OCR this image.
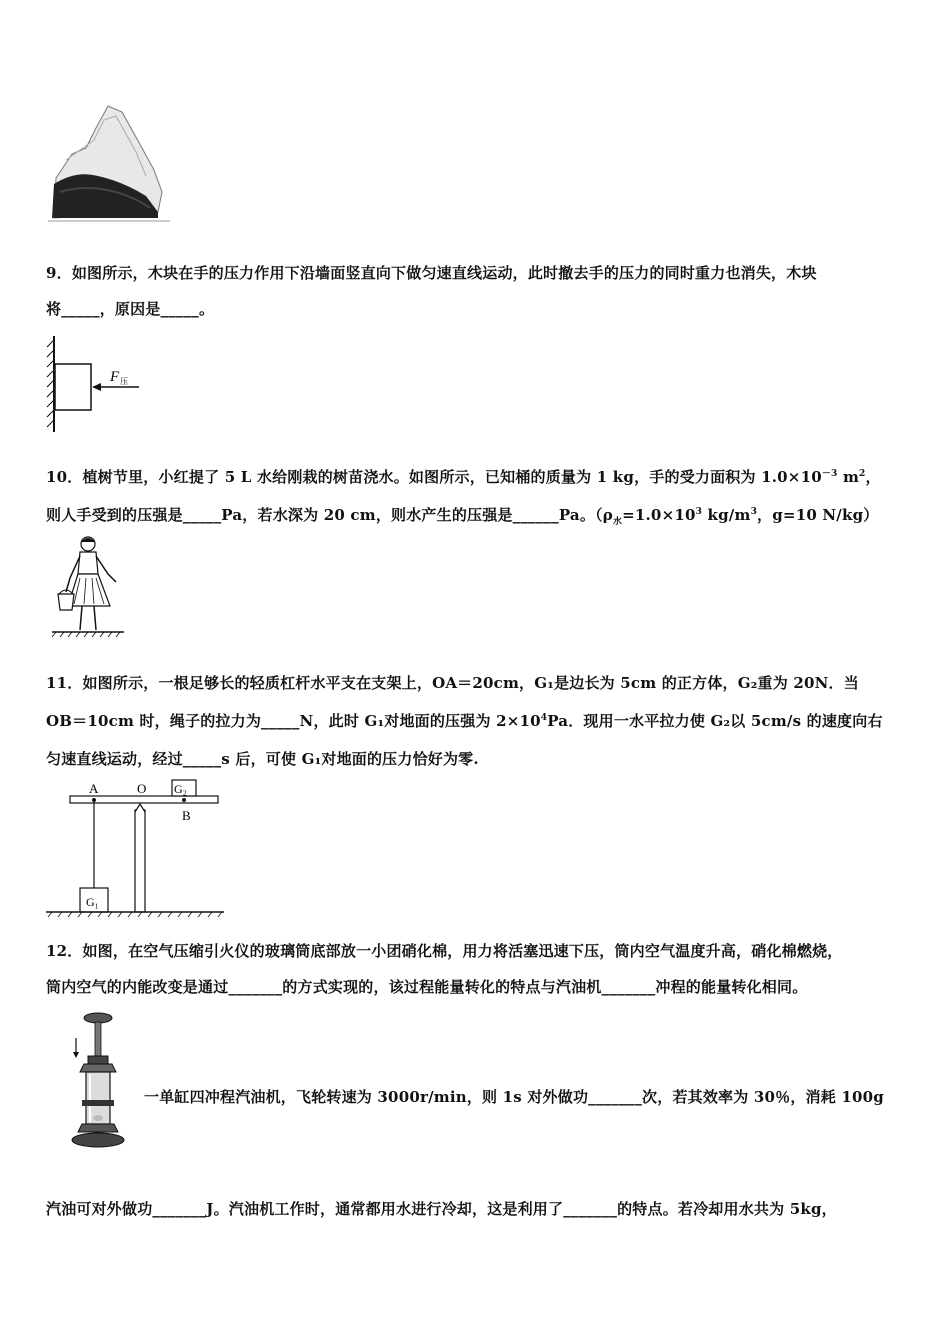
9．如图所示，木块在手的压力作用下沿墙面竖直向下做匀速直线运动，此时撤去手的压力的同时重力也消失，木块
将_____，原因是_____。
F 压
10．植树节里，小红提了 5 L 水给刚栽的树苗浇水。如图所示，已知桶的质量为 1 kg，手的受力面积为 $1.0\times 10^{-3}$ $m^2$，
则人手受到的压强是_____Pa，若水深为 20 cm，则水产生的压强是______Pa。（$\rho_水=1.0\times 10^3$ $kg/m^3$，g=10 N/kg）
11．如图所示，一根足够长的轻质杠杆水平支在支架上，OA＝20cm，G₁是边长为 5cm 的正方体，G₂重为 20N．当
OB＝10cm 时，绳子的拉力为_____N，此时 G₁对地面的压强为 $2\times 10^4Pa$．现用一水平拉力使 G₂以 5cm/s 的速度向右
匀速直线运动，经过_____s 后，可使 G₁对地面的压力恰好为零.
G₂
A	O
B
G₁
12．如图，在空气压缩引火仪的玻璃筒底部放一小团硝化棉，用力将活塞迅速下压，筒内空气温度升高，硝化棉燃烧，
筒内空气的内能改变是通过_______的方式实现的，该过程能量转化的特点与汽油机_______冲程的能量转化相同。
一单缸四冲程汽油机，飞轮转速为 3000r/min，则 1s 对外做功_______次，若其效率为 30％，消耗 100g
汽油可对外做功_______J。汽油机工作时，通常都用水进行冷却，这是利用了_______的特点。若冷却用水共为 5kg，
